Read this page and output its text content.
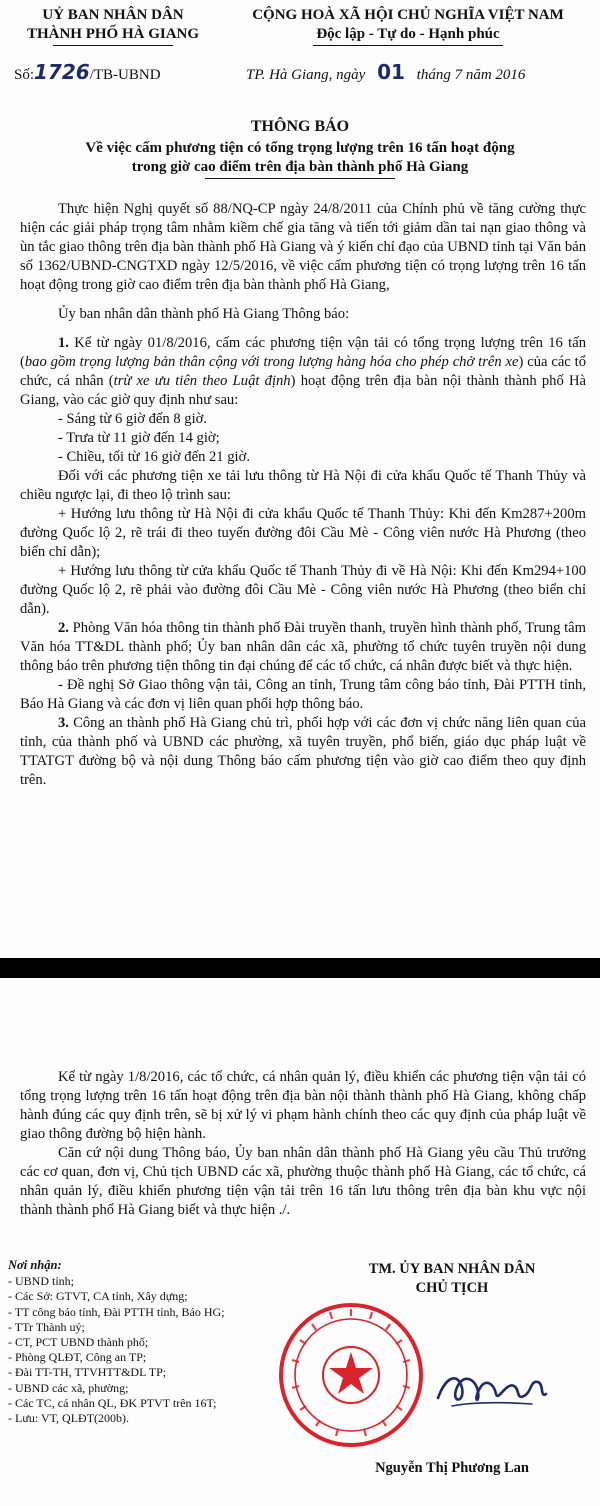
UỶ BAN NHÂN DÂN
THÀNH PHỐ HÀ GIANG
CỘNG HOÀ XÃ HỘI CHỦ NGHĨA VIỆT NAM
Độc lập - Tự do - Hạnh phúc
Số:1726/TB-UBND	TP. Hà Giang, ngày 01 tháng 7 năm 2016
THÔNG BÁO
Về việc cấm phương tiện có tổng trọng lượng trên 16 tấn hoạt động
trong giờ cao điểm trên địa bàn thành phố Hà Giang

Thực hiện Nghị quyết số 88/NQ-CP ngày 24/8/2011 của Chính phủ về tăng cường thực hiện các giải pháp trọng tâm nhằm kiềm chế gia tăng và tiến tới giảm dần tai nạn giao thông và ùn tắc giao thông trên địa bàn thành phố Hà Giang và ý kiến chỉ đạo của UBND tỉnh tại Văn bản số 1362/UBND-CNGTXD ngày 12/5/2016, về việc cấm phương tiện có trọng lượng trên 16 tấn hoạt động trong giờ cao điểm trên địa bàn thành phố Hà Giang,

Ủy ban nhân dân thành phố Hà Giang Thông báo:

1. Kể từ ngày 01/8/2016, cấm các phương tiện vận tải có tổng trọng lượng trên 16 tấn (bao gồm trọng lượng bản thân cộng với trong lượng hàng hóa cho phép chở trên xe) của các tổ chức, cá nhân (trừ xe ưu tiên theo Luật định) hoạt động trên địa bàn nội thành thành phố Hà Giang, vào các giờ quy định như sau:

- Sáng từ 6 giờ đến 8 giờ.

- Trưa từ 11 giờ đến 14 giờ;

- Chiều, tối từ 16 giờ đến 21 giờ.

Đối với các phương tiện xe tải lưu thông từ Hà Nội đi cửa khẩu Quốc tế Thanh Thủy và chiều ngược lại, đi theo lộ trình sau:

+ Hướng lưu thông từ Hà Nội đi cửa khẩu Quốc tế Thanh Thủy: Khi đến Km287+200m đường Quốc lộ 2, rẽ trái đi theo tuyến đường đôi Cầu Mè - Công viên nước Hà Phương (theo biển chỉ dẫn);

+ Hướng lưu thông từ cửa khẩu Quốc tế Thanh Thủy đi về Hà Nội: Khi đến Km294+100 đường Quốc lộ 2, rẽ phải vào đường đôi Cầu Mè - Công viên nước Hà Phương (theo biển chỉ dẫn).

2. Phòng Văn hóa thông tin thành phố Đài truyền thanh, truyền hình thành phố, Trung tâm Văn hóa TT&DL thành phố; Ủy ban nhân dân các xã, phường tổ chức tuyên truyền nội dung thông báo trên phương tiện thông tin đại chúng để các tổ chức, cá nhân được biết và thực hiện.

- Đề nghị Sở Giao thông vận tải, Công an tỉnh, Trung tâm công báo tỉnh, Đài PTTH tỉnh, Báo Hà Giang và các đơn vị liên quan phối hợp thông báo.

3. Công an thành phố Hà Giang chủ trì, phối hợp với các đơn vị chức năng liên quan của tỉnh, của thành phố và UBND các phường, xã tuyên truyền, phổ biến, giáo dục pháp luật về TTATGT đường bộ và nội dung Thông báo cấm phương tiện vào giờ cao điểm theo quy định trên.

Kể từ ngày 1/8/2016, các tổ chức, cá nhân quản lý, điều khiển các phương tiện vận tải có tổng trọng lượng trên 16 tấn hoạt động trên địa bàn nội thành thành phố Hà Giang, không chấp hành đúng các quy định trên, sẽ bị xử lý vi phạm hành chính theo các quy định của pháp luật về giao thông đường bộ hiện hành.

Căn cứ nội dung Thông báo, Ủy ban nhân dân thành phố Hà Giang yêu cầu Thủ trưởng các cơ quan, đơn vị, Chủ tịch UBND các xã, phường thuộc thành phố Hà Giang, các tổ chức, cá nhân quản lý, điều khiển phương tiện vận tải trên 16 tấn lưu thông trên địa bàn khu vực nội thành thành phố Hà Giang biết và thực hiện ./.

Nơi nhận:
- UBND tỉnh;
- Các Sở: GTVT, CA tỉnh, Xây dựng;
- TT công báo tỉnh, Đài PTTH tỉnh, Báo HG;
- TTr Thành uỷ;
- CT, PCT UBND thành phố;
- Phòng QLĐT, Công an TP;
- Đài TT-TH, TTVHTT&DL TP;
- UBND các xã, phường;
- Các TC, cá nhân QL, ĐK PTVT trên 16T;
- Lưu: VT, QLĐT(200b).
TM. ỦY BAN NHÂN DÂN
CHỦ TỊCH
Nguyễn Thị Phương Lan
